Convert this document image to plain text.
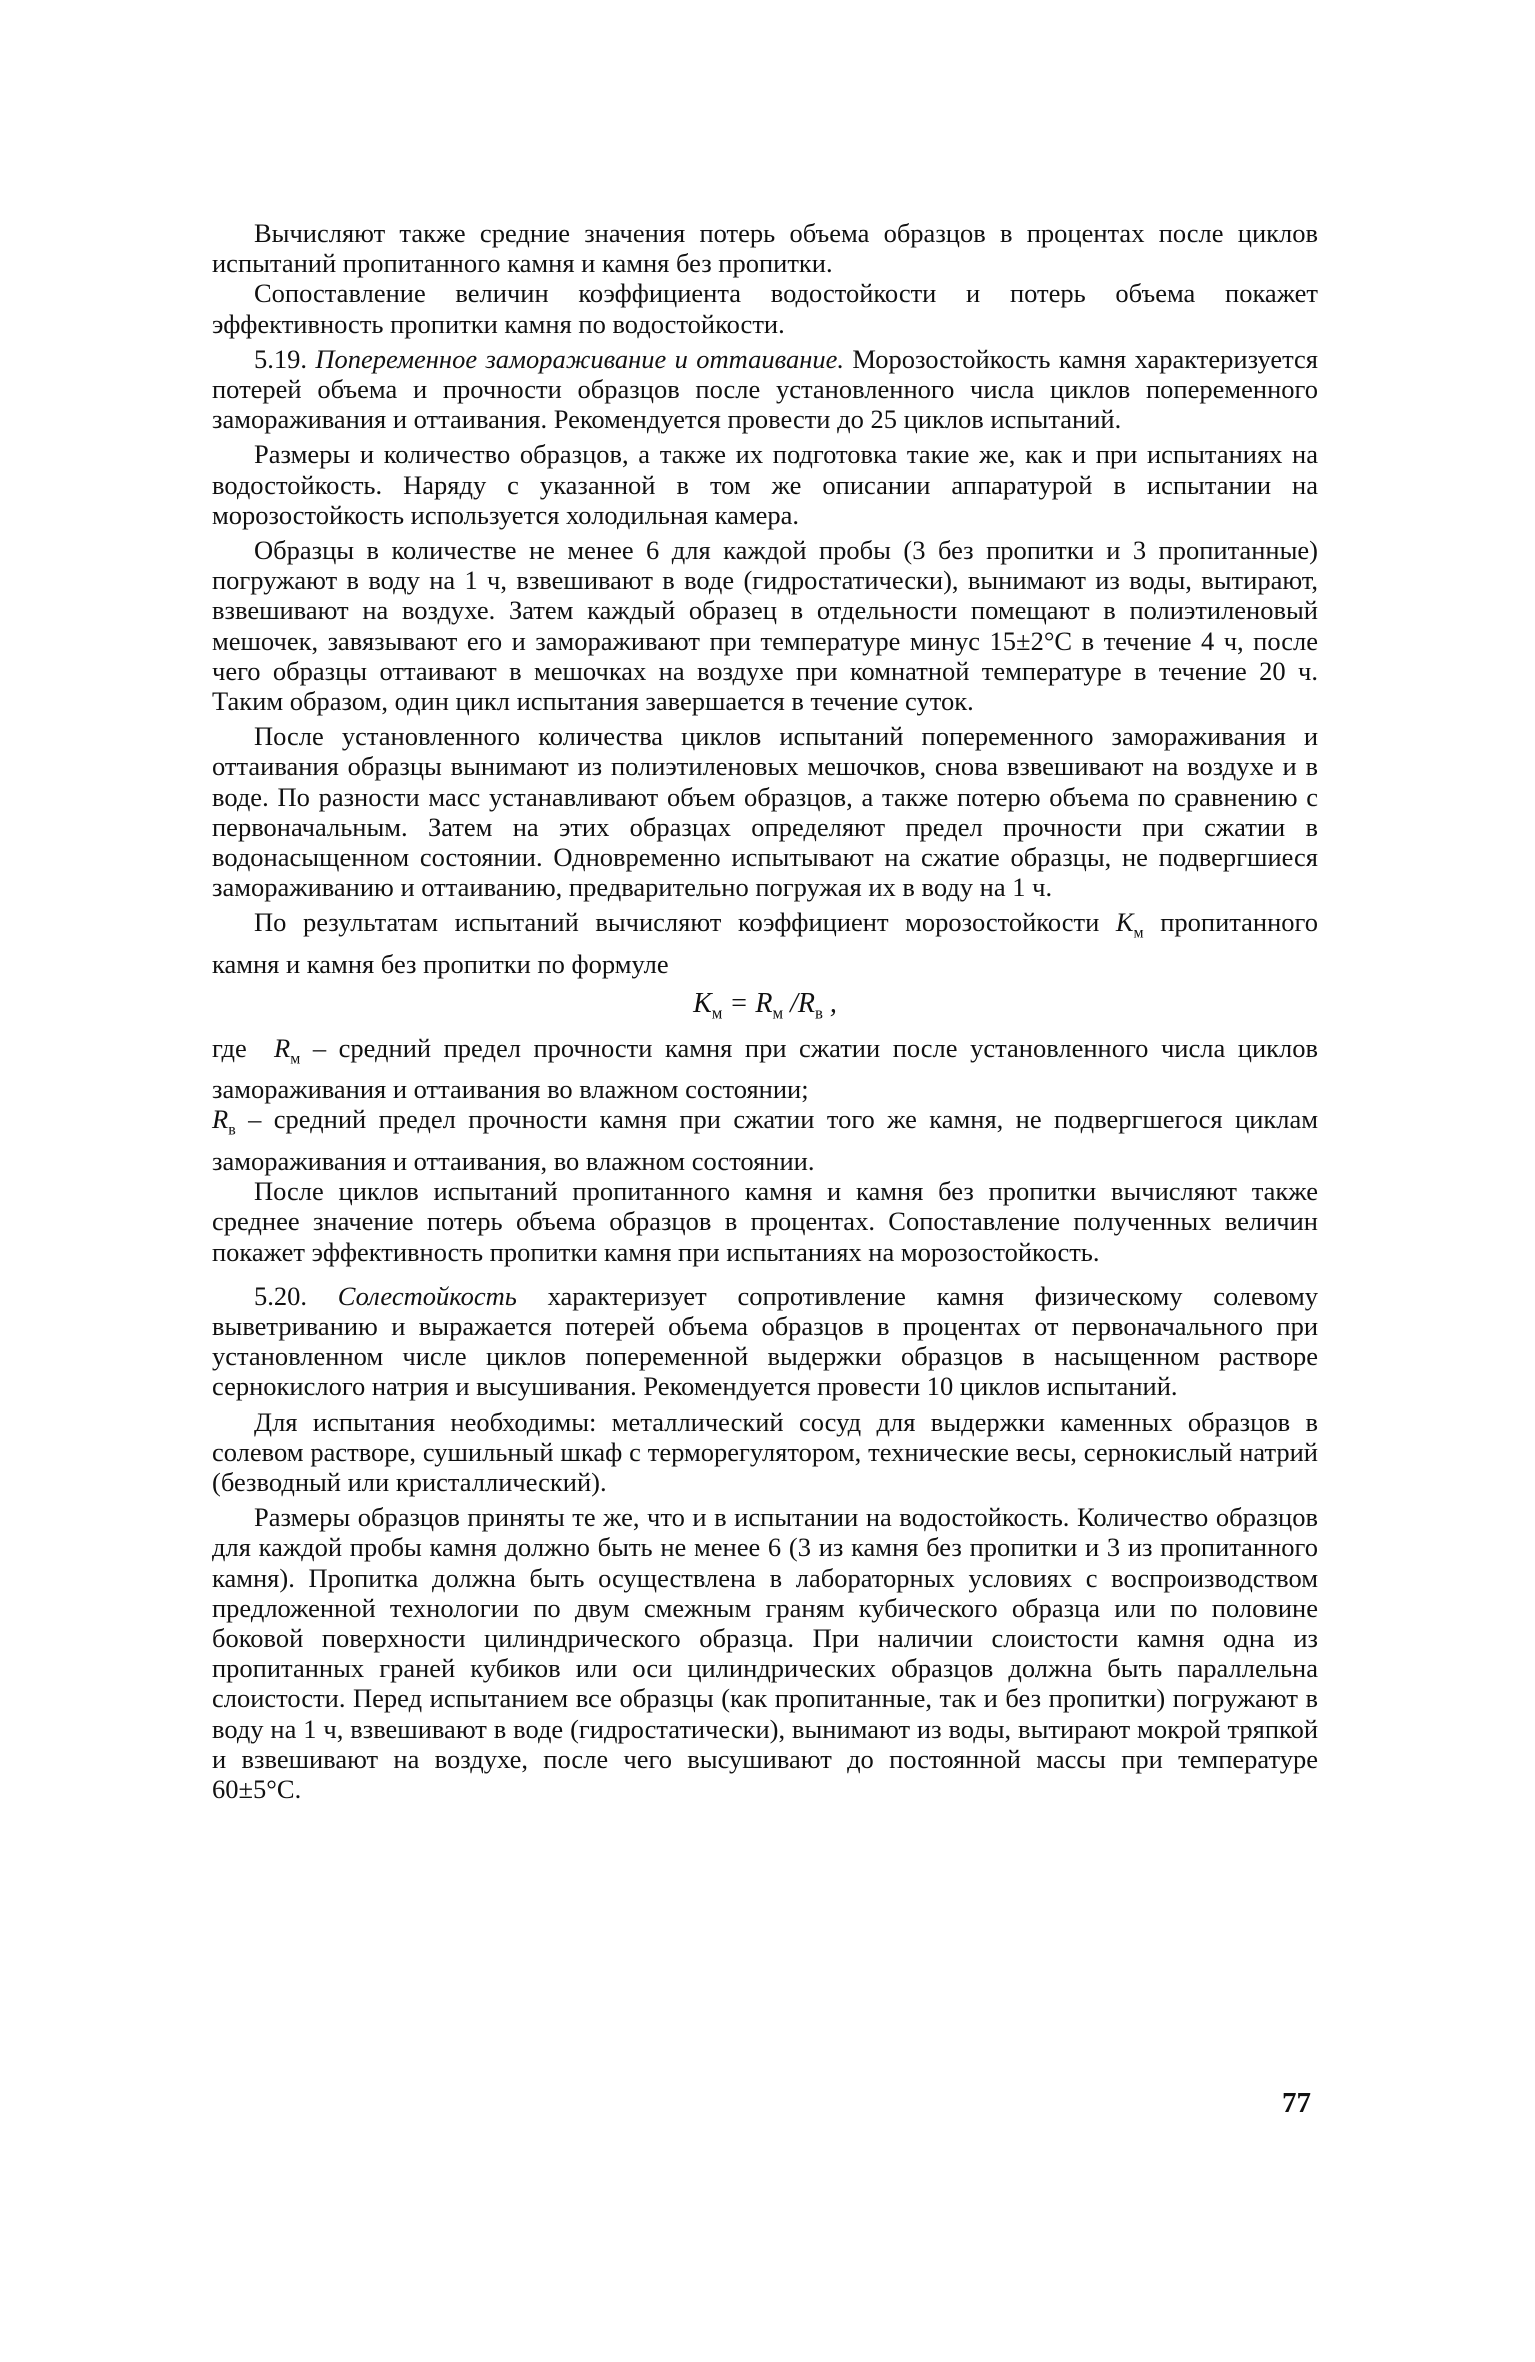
Вычисляют также средние значения потерь объема образцов в процентах после циклов испытаний пропитанного камня и камня без пропитки.

Сопоставление величин коэффициента водостойкости и потерь объема покажет эффективность пропитки камня по водостойкости.

5.19. Попеременное замораживание и оттаивание. Морозостойкость камня характеризуется потерей объема и прочности образцов после установленного числа циклов попеременного замораживания и оттаивания. Рекомендуется провести до 25 циклов испытаний.

Размеры и количество образцов, а также их подготовка такие же, как и при испытаниях на водостойкость. Наряду с указанной в том же описании аппаратурой в испытании на морозостойкость используется холодильная камера.

Образцы в количестве не менее 6 для каждой пробы (3 без пропитки и 3 пропитанные) погружают в воду на 1 ч, взвешивают в воде (гидростатически), вынимают из воды, вытирают, взвешивают на воздухе. Затем каждый образец в отдельности помещают в полиэтиленовый мешочек, завязывают его и замораживают при температуре минус 15±2°С в течение 4 ч, после чего образцы оттаивают в мешочках на воздухе при комнатной температуре в течение 20 ч. Таким образом, один цикл испытания завершается в течение суток.

После установленного количества циклов испытаний попеременного замораживания и оттаивания образцы вынимают из полиэтиленовых мешочков, снова взвешивают на воздухе и в воде. По разности масс устанавливают объем образцов, а также потерю объема по сравнению с первоначальным. Затем на этих образцах определяют предел прочности при сжатии в водонасыщенном состоянии. Одновременно испытывают на сжатие образцы, не подвергшиеся замораживанию и оттаиванию, предварительно погружая их в воду на 1 ч.

По результатам испытаний вычисляют коэффициент морозостойкости $K_м$ пропитанного камня и камня без пропитки по формуле

$K_м = R_м$ $/R_в$ ,

где $R_м$ – средний предел прочности камня при сжатии после установленного числа циклов замораживания и оттаивания во влажном состоянии;

$R_в$ – средний предел прочности камня при сжатии того же камня, не подвергшегося циклам замораживания и оттаивания, во влажном состоянии.

После циклов испытаний пропитанного камня и камня без пропитки вычисляют также среднее значение потерь объема образцов в процентах. Сопоставление полученных величин покажет эффективность пропитки камня при испытаниях на морозостойкость.

5.20. Солестойкость характеризует сопротивление камня физическому солевому выветриванию и выражается потерей объема образцов в процентах от первоначального при установленном числе циклов попеременной выдержки образцов в насыщенном растворе сернокислого натрия и высушивания. Рекомендуется провести 10 циклов испытаний.

Для испытания необходимы: металлический сосуд для выдержки каменных образцов в солевом растворе, сушильный шкаф с терморегулятором, технические весы, сернокислый натрий (безводный или кристаллический).

Размеры образцов приняты те же, что и в испытании на водостойкость. Количество образцов для каждой пробы камня должно быть не менее 6 (3 из камня без пропитки и 3 из пропитанного камня). Пропитка должна быть осуществлена в лабораторных условиях с воспроизводством предложенной технологии по двум смежным граням кубического образца или по половине боковой поверхности цилиндрического образца. При наличии слоистости камня одна из пропитанных граней кубиков или оси цилиндрических образцов должна быть параллельна слоистости. Перед испытанием все образцы (как пропитанные, так и без пропитки) погружают в воду на 1 ч, взвешивают в воде (гидростатически), вынимают из воды, вытирают мокрой тряпкой и взвешивают на воздухе, после чего высушивают до постоянной массы при температуре 60±5°С.

77
